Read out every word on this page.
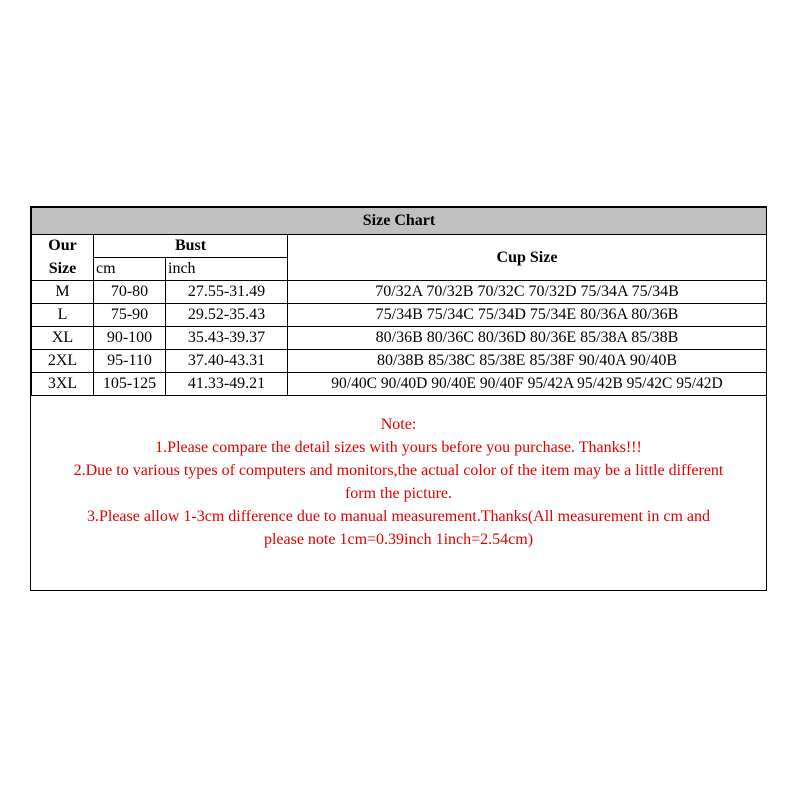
Size Chart			
Our	Bust		Cup Size
Size	cm	inch	
M	70-80	27.55-31.49	70/32A 70/32B 70/32C 70/32D 75/34A 75/34B
L	75-90	29.52-35.43	75/34B 75/34C 75/34D 75/34E 80/36A 80/36B
XL	90-100	35.43-39.37	80/36B 80/36C 80/36D 80/36E 85/38A 85/38B
2XL	95-110	37.40-43.31	80/38B 85/38C 85/38E 85/38F 90/40A 90/40B
3XL	105-125	41.33-49.21	90/40C 90/40D 90/40E 90/40F 95/42A 95/42B 95/42C 95/42D
Note:
1.Please compare the detail sizes with yours before you purchase. Thanks!!!
2.Due to various types of computers and monitors,the actual color of the item may be a little different
form the picture.
3.Please allow 1-3cm difference due to manual measurement.Thanks(All measurement in cm and
please note 1cm=0.39inch 1inch=2.54cm)
